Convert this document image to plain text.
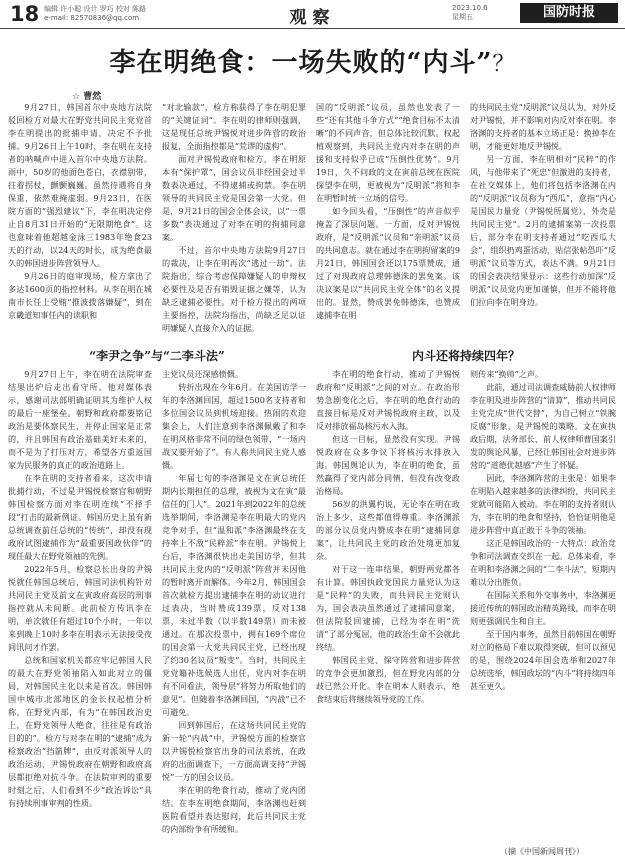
18 编辑 许小聪 设计 罗巧 校对 陈路
e-mail: 82570836@qq.com	观察	2023.10.6
星期五	国防时报
李在明绝食：一场失败的“内斗”？
☆ 曹然

9月27日，韩国首尔中央地方法院驳回检方对最大在野党共同民主党党首李在明提出的批捕申请，决定不予批捕。9月26日上午10时，李在明在支持者的呐喊声中进入首尔中央地方法院。雨中，50岁的他面色苍白，衣襟别带，拄着拐杖，颤颤巍巍。虽然待遇将自身保重，依然难掩虚弱。9月23日，在医院方面的“强烈建议”下，李在明决定停止自8月31日开始的“无限期绝食”。这也意味着他超越金泳三1983年绝食23天的行动，以24天的时长，成为绝食最久的韩国进步阵营领导人。

9月26日的庭审现场，检方拿出了多达1600页的指控材料。从李在明在城南市长任上受贿“推波拨落嫌疑”，到在京畿道知事任内的读职和

“对北输款”，检方称获得了李在明犯罪的“关键证词”。李在明的律师则强调，这是现任总统尹锡悦对进步阵营的政治报复，全面指控都是“荒谬的虚构”。

面对尹锡悦政府和检方，李在明原本有“保护罩”，国会议员非经国会过半数表决通过，不得逮捕或拘禁。李在明领导的共同民主党是国会第一大党。但是，9月21日的国会全体会议，以“一票多数”表决通过了对李在明的拘捕同意案。

不过，首尔中央地方法院9月27日的裁决，让李在明再次“逃过一劫”。法院指出，综合考虑保障嫌疑人的申辩权必要性及是否有销毁证据之嫌等，认为缺乏逮捕必要性。对于检方提出的两项主要指控，法院均指出，尚缺乏足以证明嫌疑人直接介入的证据。

国的“反明派”议员，虽然也发表了一些“还有其他斗争方式”“绝食目标不太清晰”的不同声音，但总体比较沉默。权起植观察到，共同民主党内对李在明的声援和支持似乎已成“压倒性优势”。9月19日，久不问政的文在寅前总统在医院探望李在明，更被视为“反明派”将和李在明暂时统一立场的信号。

如今回头看，“压倒性”的声音似乎掩盖了深层问题。一方面，反对尹锡悦政府，是“反明派”议员和“亲明派”议员的共同意志。就在通过李在明拘留案的9月21日，韩国国会还以175票赞成，通过了对现政府总理韩德洙的罢免案。该决议案是以“共同民主党全体”的名义提出的。显然，赞成罢免韩德洙，也赞成逮捕李在明

的共同民主党“反明派”议员认为，对外反对尹锡悦，并不影响对内反对李在明。李洛渊的支持者的基本立场正是：换掉李在明，才能更好地反尹锡悦。

另一方面，李在明相对“民粹”的作风，与他带来了“死忠”但激进的支持者，在社交媒体上，他们将包括李洛渊在内的“反明派”议员称为“西瓜”，意指“内心是国民力量党（尹锡悦所属党），外壳是共同民主党”。2月的逮捕案第一次投票后，部分李在明支持者通过“吃西瓜大会”，组织扔鸡蛋活动，贴信张帖恐吓“反明派”议员等方式，表达不满。9月21日的国会表决结果显示：这些行动加深“反明派”议员党内更加谨慎，但并不能将他们拉向李在明身边。

“李尹之争”与“二李斗法”	内斗还将持续四年？

9月27日上午，李在明在法院审查结果出炉后走出看守所。他对媒体表示，感谢司法部明确证明其为维护人权的最后一座堡垒。朝野和政府都要铭记政治是要体察民生，并停止国家是正常的，并且韩国有政治基础美好未来的，而不是为了打压对方，希望各方重返国家为民服务的真正的政治道路上。

在李在明的支持者看来，这次申请批捕行动，不过是尹锡悦检察官和朝野韩国检察方面对李在明连续“不择手段”打击的最新例证。韩国历史上虽有新总统调查前任总统的“传统”，却没有现政府试图逮捕作为“最重要国政伙伴”的现任最大在野党领袖的先例。

2022年5月，检察总长出身的尹锡悦就任韩国总统后，韩国司法机构针对共同民主党及前文在寅政府高层的刑事指控就从未间断。此前检方传讯李在明，单次就任有超过10个小时，一年以来到晚上10时多李在明表示无法接受夜间讯问才作罢。

总统和国家机关都应牢记韩国人民的最大在野党领袖陷入如此对立的僵局，对韩国民主化以来是首次。韩国韩国中城市北部地区的金长权起植分析称，在野党内部，有为“在韩国政治史上，在野党领导人绝食，往往是有政治目的的”。检方与对李在明的“逮捕”成为检察政治“挡箭牌”，由反对派领导人的政治运动，尹锡悦政府在朝野和政府高层都拒绝对抗斗争。在法院审判的重要时刻之后，人们看到不少“政治诉讼”具有持续刑事审判的性质。

主党议员还深感愤慨。

转折出现在今年6月。在美国访学一年的李洛渊回国，超过1500名支持者和多位国会议员到机场迎接。热闹的欢迎集会上，人们注意到李洛渊佩戴了和李在明风格非常不同的绿色领带，“一场内战又要开始了”。有人称共同民主党人感慨。

年届七旬的李洛渊是文在寅总统任期内长期担任的总理，被视为文在寅“最信任的门人”。2021年到2022年的总统选举期间，李洛渊是李在明最大的党内竞争对手，但“温和派”李洛渊最终在支持率上不敌“民粹派”李在明。尹锡悦上台后，李洛渊很快出走美国访学，但其共同民主党内的“反明派”阵营并未因他的暂时离开而解体。今年2月，韩国国会首次就检方提出逮捕李在明的动议进行过表决，当时赞成139票，反对138票，未过半数（以半数149票）而未被通过。在那次投票中，拥有169个席位的国会第一大党共同民主党，已经出现了约30名议员“叛变”。当时，共同民主党党籍补选候选人出任，党内对李在明有不同看法，领导层“将努力所取他们的意见”。但随着李洛渊回国，“内战”已不可避免。

回到韩国后，在这场共同民主党的新一轮“内战”中，尹锡悦方面的检察官以尹锡悦检察官出身的司法系统，在政府的出面调查下，一方面高调支持“尹锡悦”一方的国会议员。

李在明的绝食行动，推动了党内团结。在李在明绝食期间，李洛渊也赶到医院看望并表达慰问，此后共同民主党的内部纷争有所缓和。

李在明的绝食行动，推动了尹锡悦政府和“反明派”之间的对立。在政治形势急剧变化之后，李在明的绝食行动的直接目标是反对尹锡悦政府主政，以及反对排放福岛核污水入海。

但这一目标，显然没有实现。尹锡悦政府在众多争议下将核污水排放入海。韩国舆论认为，李在明的绝食，虽然赢得了党内部分同情，但没有改变政治格局。

56岁的洪翼杓说，无论李在明在政治上多少，这些都值得尊重。李洛渊派的部分议员党内赞成李在明“逮捕同意案”，让共同民主党的政治处境更加复杂。

对于这一连串结果，朝野两党都各有计算。韩国执政党国民力量党认为这是“民粹”的失败，而共同民主党则认为，国会表决虽然通过了逮捕同意案，但法院驳回逮捕，已经为李在明“洗清”了部分冤屈，他的政治生命不会就此终结。

韩国民主党、保守阵营和进步阵营的竞争会更加激烈，但在野党内部的分歧已然公开化。李在明本人则表示，绝食结束后将继续领导党的工作。

则传来“换帅”之声。

此前，通过司法调查威胁前人权律师李在明及进步阵营的“清算”，推动共同民主党完成“世代交替”，为自己树立“铁腕反腐”形象，是尹锡悦的策略。文在寅执政后期，法务部长、前人权律师曹国案引发的舆论风暴，已经让韩国社会对进步阵营的“道德优越感”产生了怀疑。

因此，李洛渊阵营的主张是：如果李在明陷入越来越多的法律纠纷，共同民主党就可能陷入被动。李在明的支持者则认为，李在明的绝食和坚持，恰恰证明他是进步阵营中真正敢于斗争的领袖。

这正是韩国政治的一大特点：政治竞争和司法调查交织在一起。总体来看，李在明和李洛渊之间的“二李斗法”，短期内难以分出胜负。

在国际关系和外交事务中，李洛渊更接近传统的韩国政治精英路线，而李在明则更强调民生和自主。

至于国内事务，虽然目前韩国在朝野对立的格局下难以取得突破，但可以预见的是，围绕2024年国会选举和2027年总统选举，韩国政坛的“内斗”将持续四年甚至更久。

（摘《中国新闻周刊》）
